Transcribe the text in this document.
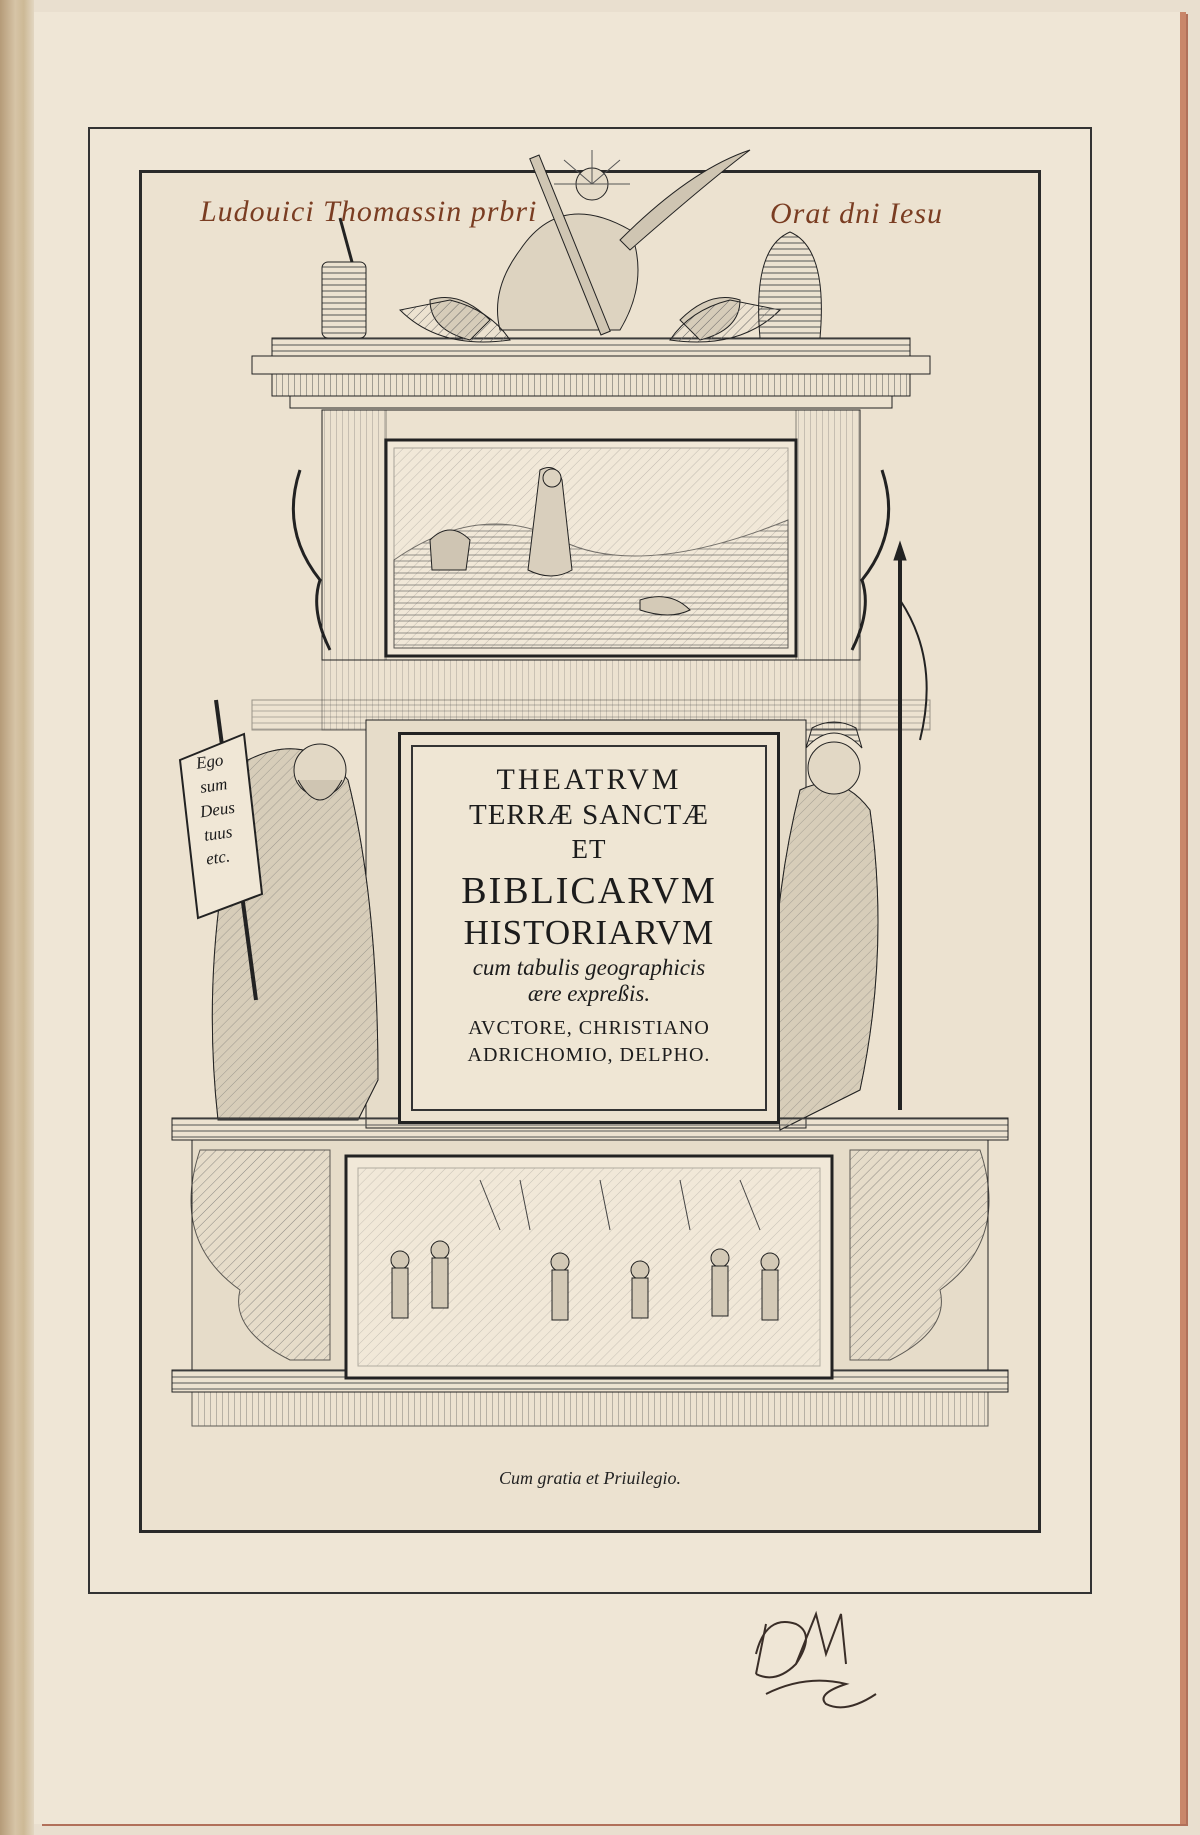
Ludouici Thomassin prbri	Orat dni Iesu
Ego
sum
Deus
tuus
etc.
THEATRVM
TERRÆ SANCTÆ
ET
BIBLICARVM
HISTORIARVM
cum tabulis geographicis
ære expreßis.
AVCTORE, CHRISTIANO
ADRICHOMIO, DELPHO.
Cum gratia et Priuilegio.
